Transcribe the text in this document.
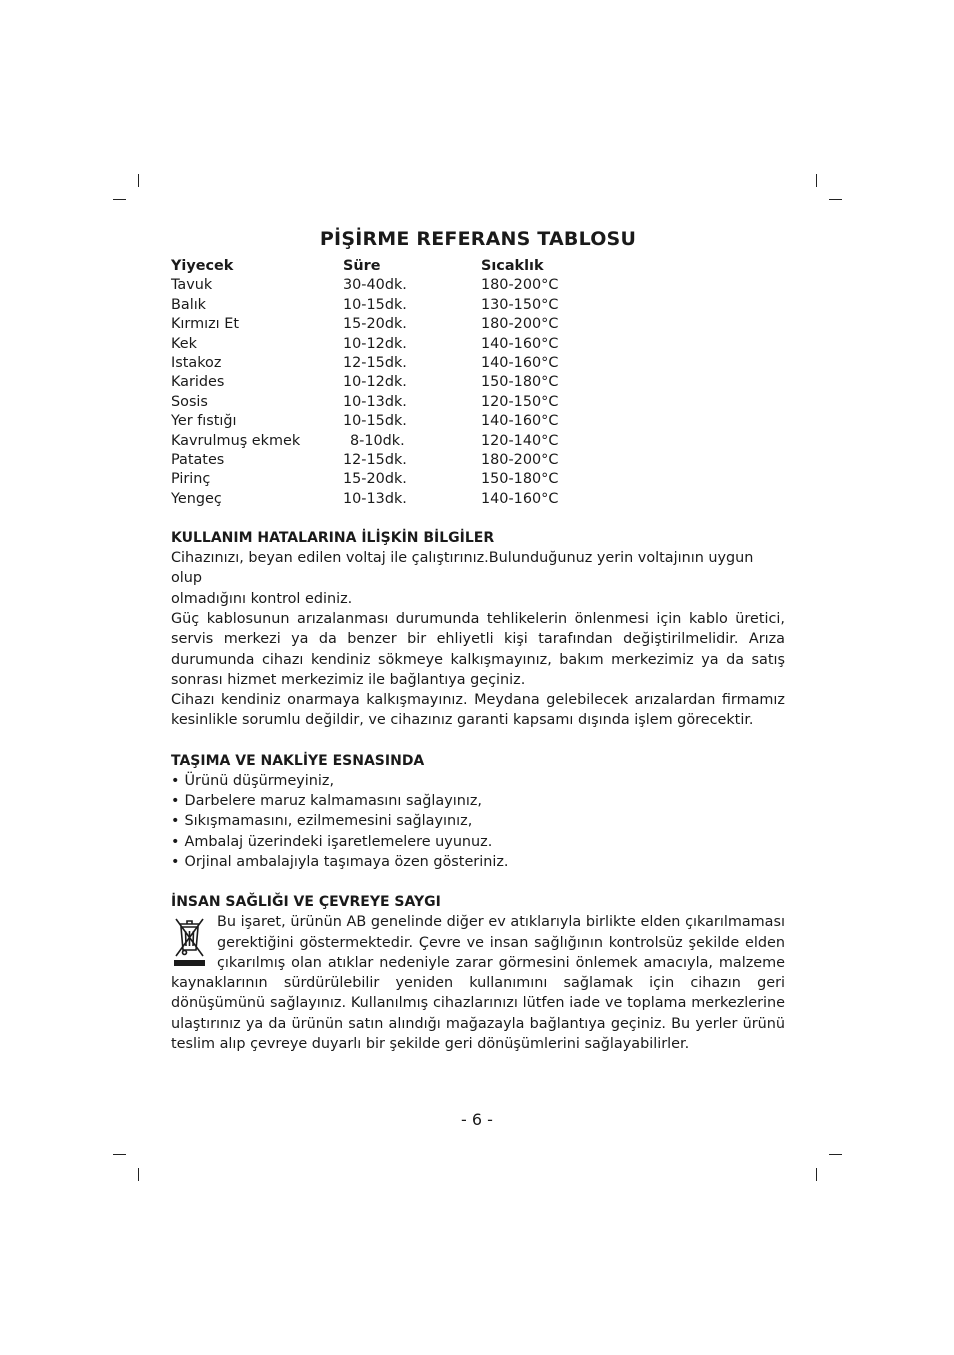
PİŞİRME REFERANS TABLOSU
Yiyecek	Süre	Sıcaklık
Tavuk	30-40dk.	180-200°C
Balık	10-15dk.	130-150°C
Kırmızı Et	15-20dk.	180-200°C
Kek	10-12dk.	140-160°C
Istakoz	12-15dk.	140-160°C
Karides	10-12dk.	150-180°C
Sosis	10-13dk.	120-150°C
Yer fıstığı	10-15dk.	140-160°C
Kavrulmuş ekmek	8-10dk.	120-140°C
Patates	12-15dk.	180-200°C
Pirinç	15-20dk.	150-180°C
Yengeç	10-13dk.	140-160°C
KULLANIM HATALARINA İLİŞKİN BİLGİLER
Cihazınızı, beyan edilen voltaj ile çalıştırınız.Bulunduğunuz yerin voltajının uygun olup
olmadığını kontrol ediniz.

Güç kablosunun arızalanması durumunda tehlikelerin önlenmesi için kablo üretici, servis merkezi ya da benzer bir ehliyetli kişi tarafından değiştirilmelidir. Arıza durumunda cihazı kendiniz sökmeye kalkışmayınız, bakım merkezimiz ya da satış sonrası hizmet merkezimiz ile bağlantıya geçiniz.

Cihazı kendiniz onarmaya kalkışmayınız. Meydana gelebilecek arızalardan firmamız kesinlikle sorumlu değildir, ve cihazınız garanti kapsamı dışında işlem görecektir.

TAŞIMA VE NAKLİYE ESNASINDA
• Ürünü düşürmeyiniz,
• Darbelere maruz kalmamasını sağlayınız,
• Sıkışmamasını, ezilmemesini sağlayınız,
• Ambalaj üzerindeki işaretlemelere uyunuz.
• Orjinal ambalajıyla taşımaya özen gösteriniz.
İNSAN SAĞLIĞI VE ÇEVREYE SAYGI

Bu işaret, ürünün AB genelinde diğer ev atıklarıyla birlikte elden çıkarılmaması gerektiğini göstermektedir. Çevre ve insan sağlığının kontrolsüz şekilde elden çıkarılmış olan atıklar nedeniyle zarar görmesini önlemek amacıyla, malzeme kaynaklarının sürdürülebilir yeniden kullanımını sağlamak için cihazın geri dönüşümünü sağlayınız. Kullanılmış cihazlarınızı lütfen iade ve toplama merkezlerine ulaştırınız ya da ürünün satın alındığı mağazayla bağlantıya geçiniz. Bu yerler ürünü teslim alıp çevreye duyarlı bir şekilde geri dönüşümlerini sağlayabilirler.

- 6 -
